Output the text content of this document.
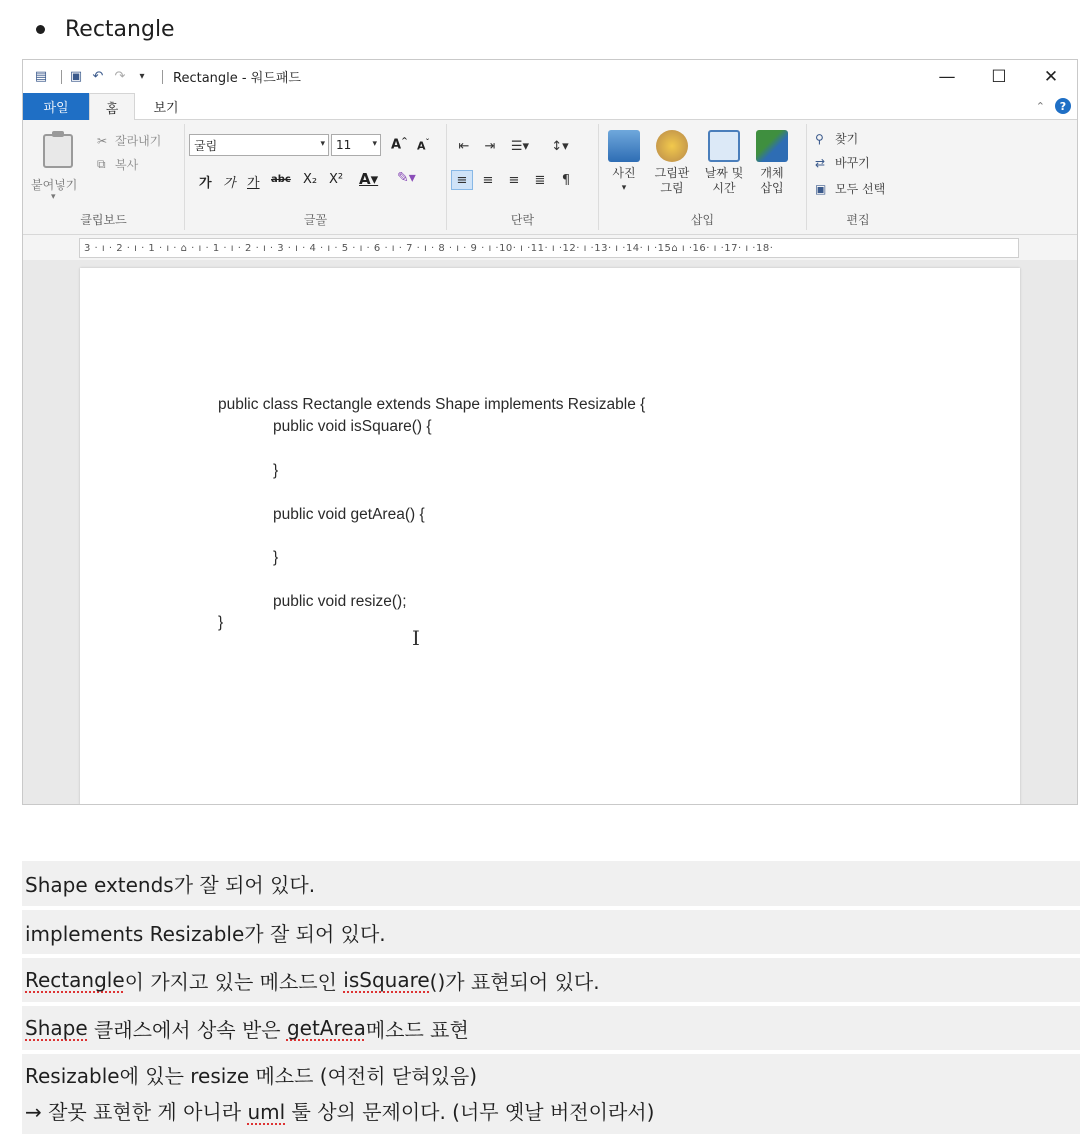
Rectangle
▤ ▣ ↶ ↷	▾	Rectangle - 워드패드	—	☐	✕
파일	홈	보기	⌃	?
붙여넣기
▾
✂ 잘라내기
⧉ 복사
클립보드
굴림	▾ 11 ▾ A^ $A^ˇ$
가 가 가 abc X₂ X² A▾ ✎▾
글꼴
⇤	⇥	☰▾ ↕▾
≡	≡	≡	≣	¶
단락
사진
▾
그림판
그림
날짜 및
시간
개체
삽입
삽입
⚲ 찾기
⇄ 바꾸기
▣ 모두 선택
편집
3 · ı · 2 · ı · 1 · ı · ⌂ · ı · 1 · ı · 2 · ı · 3 · ı · 4 · ı · 5 · ı · 6 · ı · 7 · ı · 8 · ı · 9 · ı ·10· ı ·11· ı ·12· ı ·13· ı ·14· ı ·15⌂ ı ·16· ı ·17· ı ·18·
public class Rectangle extends Shape implements Resizable {
public void isSquare() {
}
public void getArea() {
}
public void resize();
}
I
Shape extends가 잘 되어 있다.
implements Resizable가 잘 되어 있다.
Rectangle 이 가지고 있는 메소드인 isSquare ()가 표현되어 있다.
Shape 클래스에서 상속 받은 getArea 메소드 표현
Resizable에 있는 resize 메소드 (여전히 닫혀있음)
→ 잘못 표현한 게 아니라 uml 툴 상의 문제이다. (너무 옛날 버전이라서)
